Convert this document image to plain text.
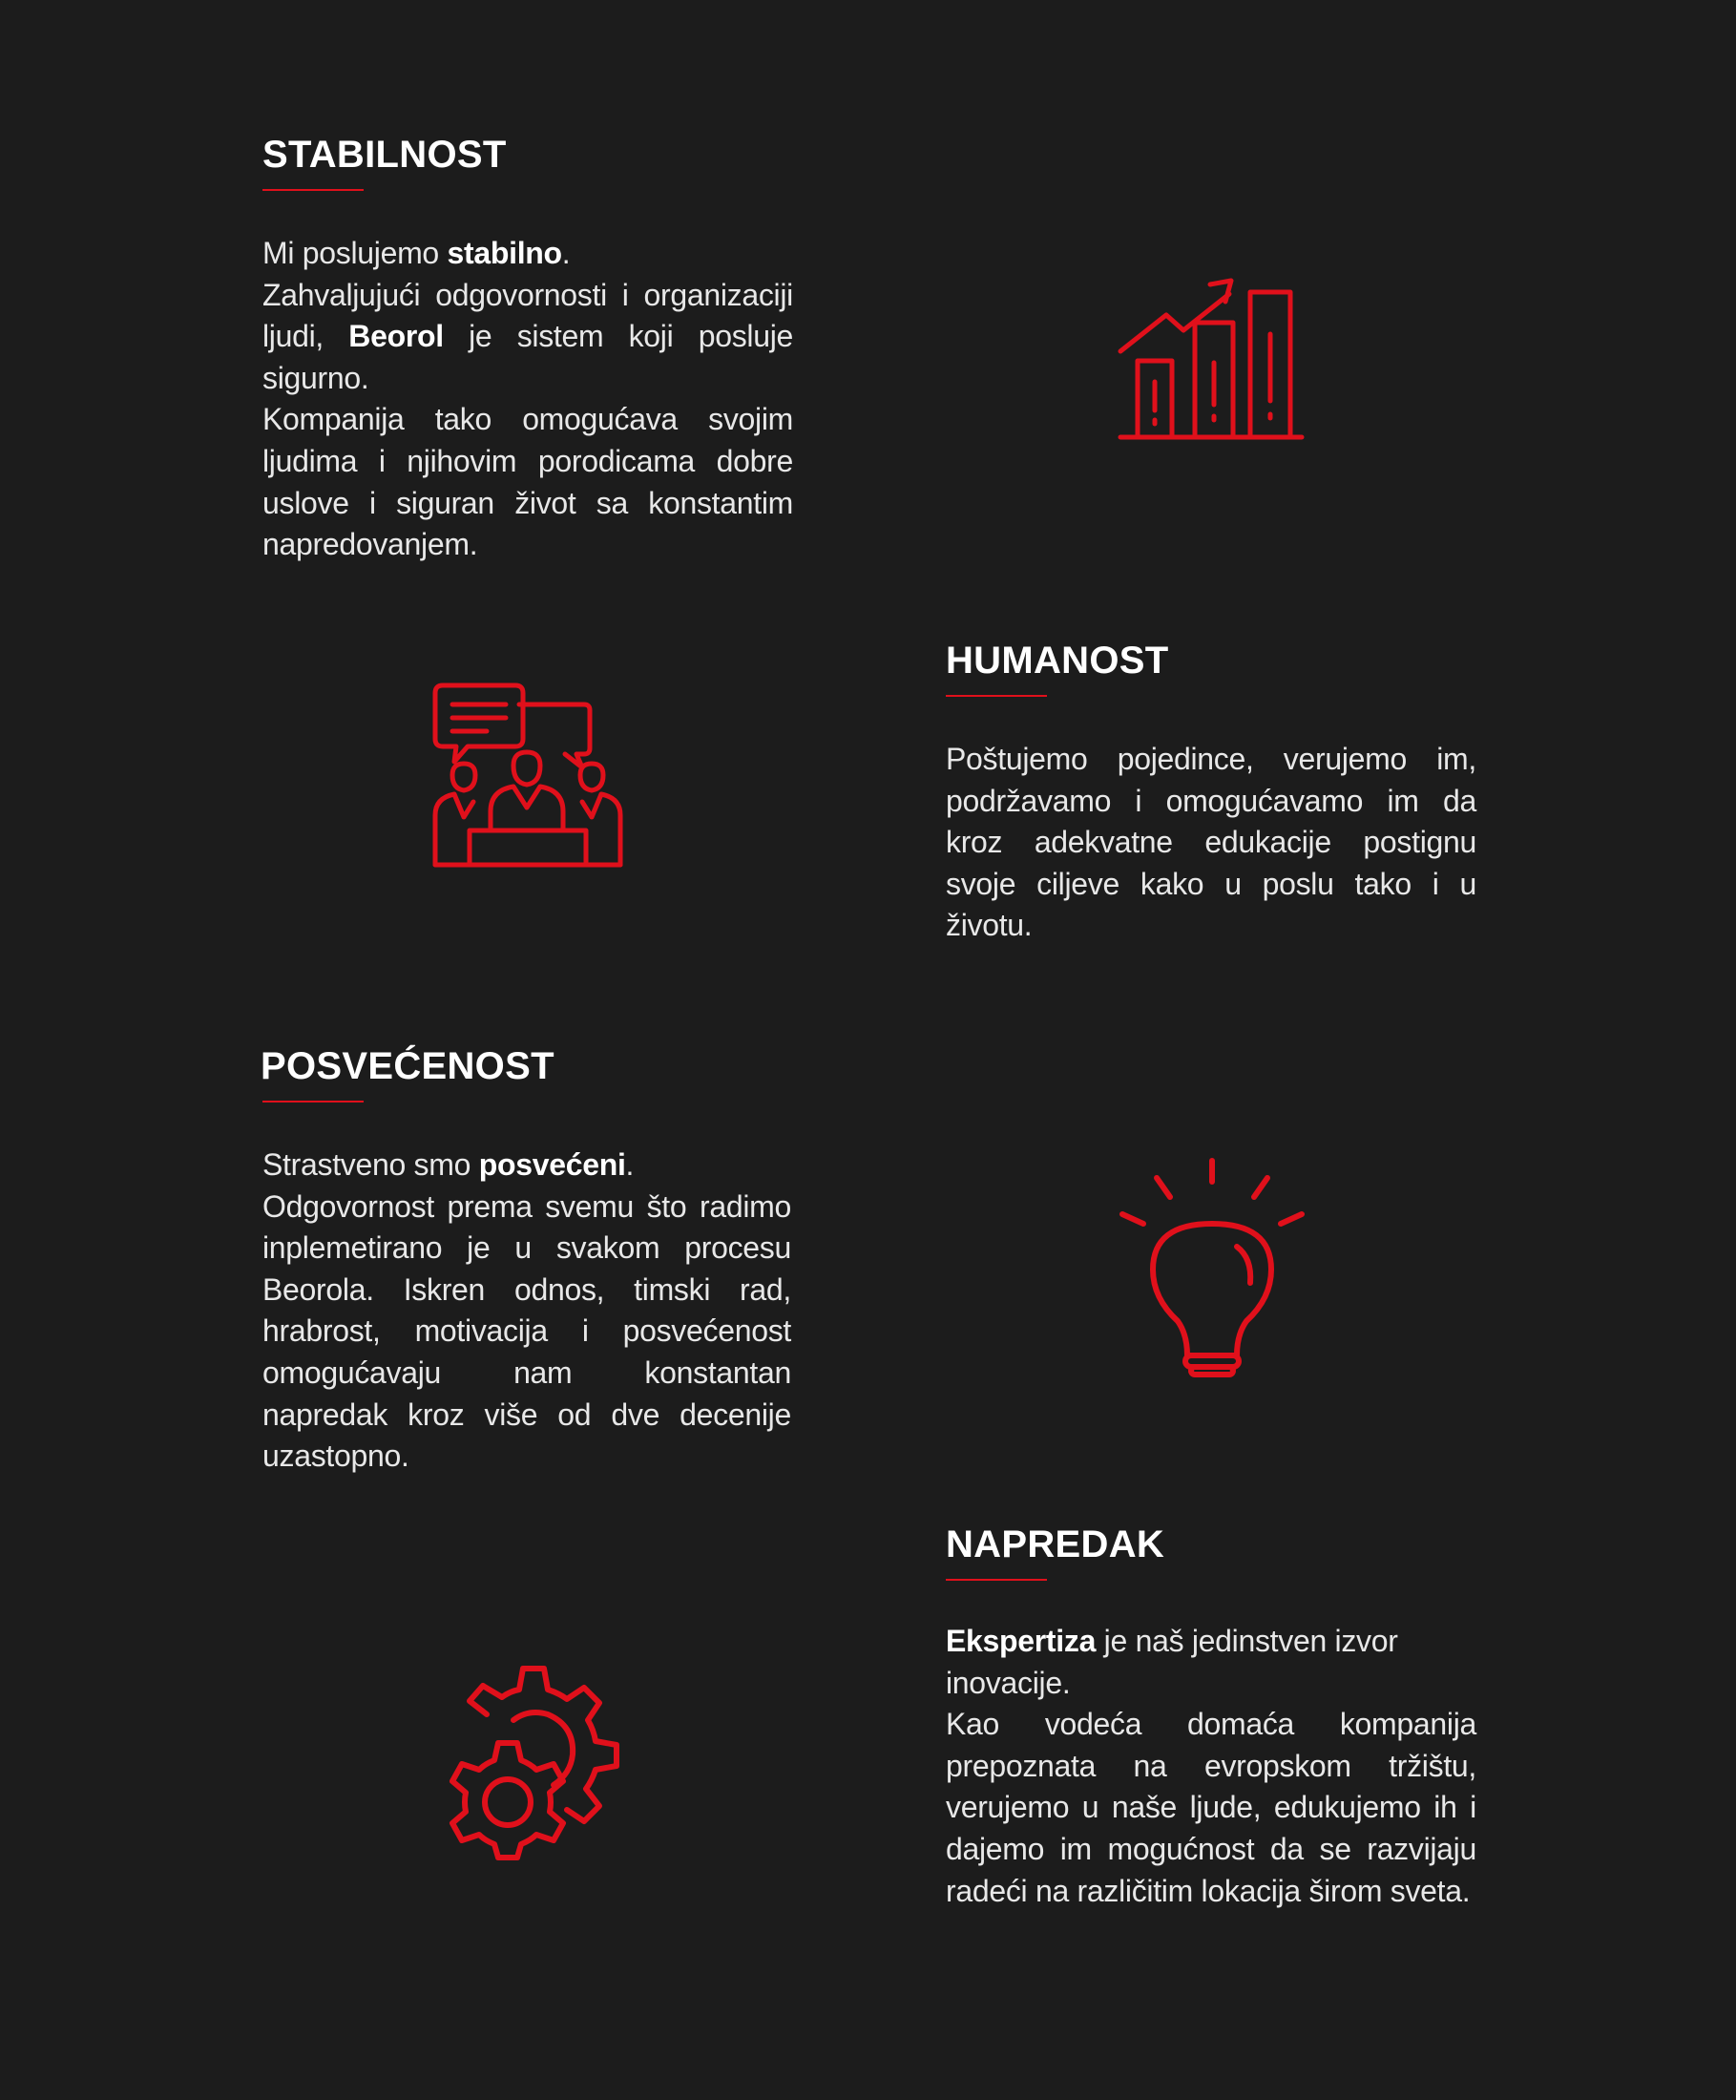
STABILNOST

Mi poslujemo stabilno.

Zahvaljujući odgovornosti i organizaciji ljudi, Beorol je sistem koji posluje sigurno.

Kompanija tako omogućava svojim ljudima i njihovim porodicama dobre uslove i siguran život sa konstantim napredovanjem.

HUMANOST

Poštujemo pojedince, verujemo im, podržavamo i omogućavamo im da kroz adekvatne edukacije postignu svoje ciljeve kako u poslu tako i u životu.

POSVEĆENOST

Strastveno smo posvećeni.

Odgovornost prema svemu što radimo inplemetirano je u svakom procesu Beorola. Iskren odnos, timski rad, hrabrost, motivacija i posvećenost omogućavaju nam konstantan napredak kroz više od dve decenije uzastopno.

NAPREDAK

Ekspertiza je naš jedinstven izvor inovacije.

Kao vodeća domaća kompanija prepoznata na evropskom tržištu, verujemo u naše ljude, edukujemo ih i dajemo im mogućnost da se razvijaju radeći na različitim lokacija širom sveta.
